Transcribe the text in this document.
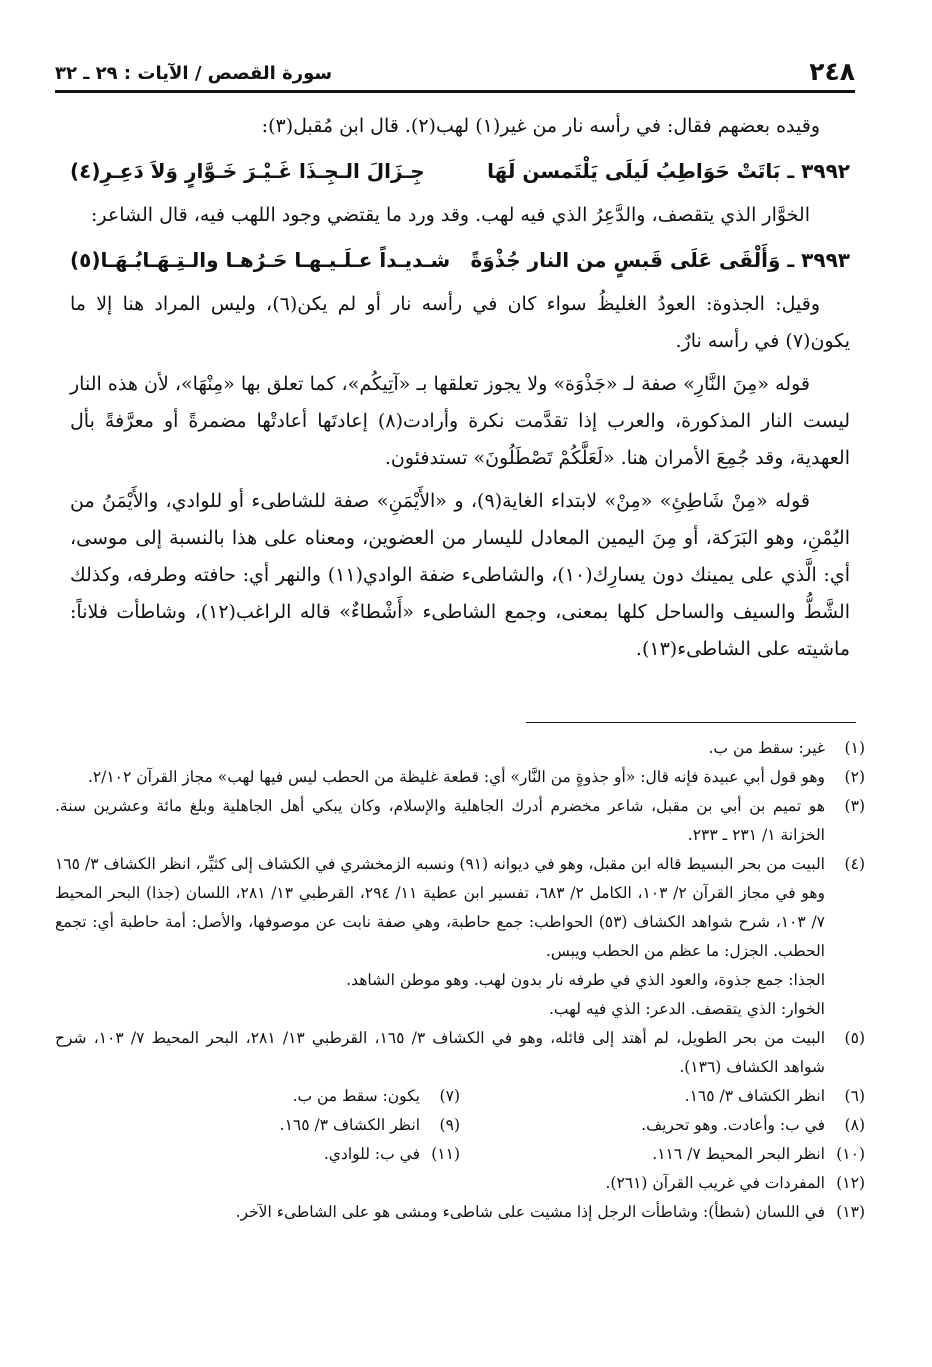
٢٤٨
سورة القصص / الآيات : ٢٩ ـ ٣٢

وقيده بعضهم فقال: في رأسه نار من غير(١) لهب(٢). قال ابن مُقبل(٣):

٣٩٩٢ ـ بَاتَتْ حَوَاطِبُ لَيلَى يَلْتَمسن لَهَا
جِـزَالَ الـجِـذَا غَـيْـرَ خَـوَّارٍ وَلاَ دَعِـرِ(٤)

الخوَّار الذي يتقصف، والدَّعِرُ الذي فيه لهب. وقد ورد ما يقتضي وجود اللهب فيه، قال الشاعر:

٣٩٩٣ ـ وَأَلْقَى عَلَى قَبسٍ من النار جُذْوَةً
شـديـداً عـلَـيـهـا حَـرُهـا والـتِـهَـابُـهَـا(٥)

وقيل: الجذوة: العودُ الغليظُ سواء كان في رأسه نار أو لم يكن(٦)، وليس المراد هنا إلا ما يكون(٧) في رأسه نارٌ.

قوله «مِنَ النَّارِ» صفة لـ «جَذْوَة» ولا يجوز تعلقها بـ «آتِيكُم»، كما تعلق بها «مِنْهَا»، لأن هذه النار ليست النار المذكورة، والعرب إذا تقدَّمت نكرة وأرادت(٨) إعادتَها أعادتْها مضمرةً أو معرَّفةً بأل العهدية، وقد جُمِعَ الأمران هنا. «لَعَلَّكُمْ تَصْطَلُونَ» تستدفئون.

قوله «مِنْ شَاطِئِ» «مِنْ» لابتداء الغاية(٩)، و «الأَيْمَنِ» صفة للشاطىء أو للوادي، والأَيْمَنُ من اليُمْنِ، وهو البَرَكة، أو مِنَ اليمين المعادل لليسار من العضوين، ومعناه على هذا بالنسبة إلى موسى، أي: الَّذي على يمينك دون يسارِك(١٠)، والشاطىء ضفة الوادي(١١) والنهر أي: حافته وطرفه، وكذلك الشَّطُّ والسيف والساحل كلها بمعنى، وجمع الشاطىء «أَشْطاءٌ» قاله الراغب(١٢)، وشاطأت فلاناً: ماشيته على الشاطىء(١٣).

(١)
غير: سقط من ب.
(٢)
وهو قول أبي عبيدة فإنه قال: «أو جذوةٍ من النَّار» أي: قطعة غليظة من الحطب ليس فيها لهب» مجاز القرآن ٢/١٠٢.
(٣)
هو تميم بن أبي بن مقبل، شاعر مخضرم أدرك الجاهلية والإسلام، وكان يبكي أهل الجاهلية وبلغ مائة وعشرين سنة. الخزانة ١/ ٢٣١ ـ ٢٣٣.
(٤)
البيت من بحر البسيط قاله ابن مقبل، وهو في ديوانه (٩١) ونسبه الزمخشري في الكشاف إلى كثيِّر، انظر الكشاف ٣/ ١٦٥ وهو في مجاز القرآن ٢/ ١٠٣، الكامل ٢/ ٦٨٣، تفسير ابن عطية ١١/ ٢٩٤، القرطبي ١٣/ ٢٨١، اللسان (جذا) البحر المحيط ٧/ ١٠٣، شرح شواهد الكشاف (٥٣) الحواطب: جمع حاطبة، وهي صفة نابت عن موصوفها، والأصل: أمة حاطبة أي: تجمع الحطب. الجزل: ما عظم من الحطب ويبس.

الجذا: جمع جذوة، والعود الذي في طرفه نار بدون لهب. وهو موطن الشاهد.

الخوار: الذي يتقصف. الدعر: الذي فيه لهب.

(٥)
البيت من بحر الطويل، لم أهتد إلى قائله، وهو في الكشاف ٣/ ١٦٥، القرطبي ١٣/ ٢٨١، البحر المحيط ٧/ ١٠٣، شرح شواهد الكشاف (١٣٦).
(٦)
انظر الكشاف ٣/ ١٦٥.
(٧)
يكون: سقط من ب.
(٨)
في ب: وأعادت. وهو تحريف.
(٩)
انظر الكشاف ٣/ ١٦٥.
(١٠)
انظر البحر المحيط ٧/ ١١٦.
(١١)
في ب: للوادي.
(١٢)
المفردات في غريب القرآن (٢٦١).
(١٣)
في اللسان (شطأ): وشاطأت الرجل إذا مشيت على شاطىء ومشى هو على الشاطىء الآخر.
